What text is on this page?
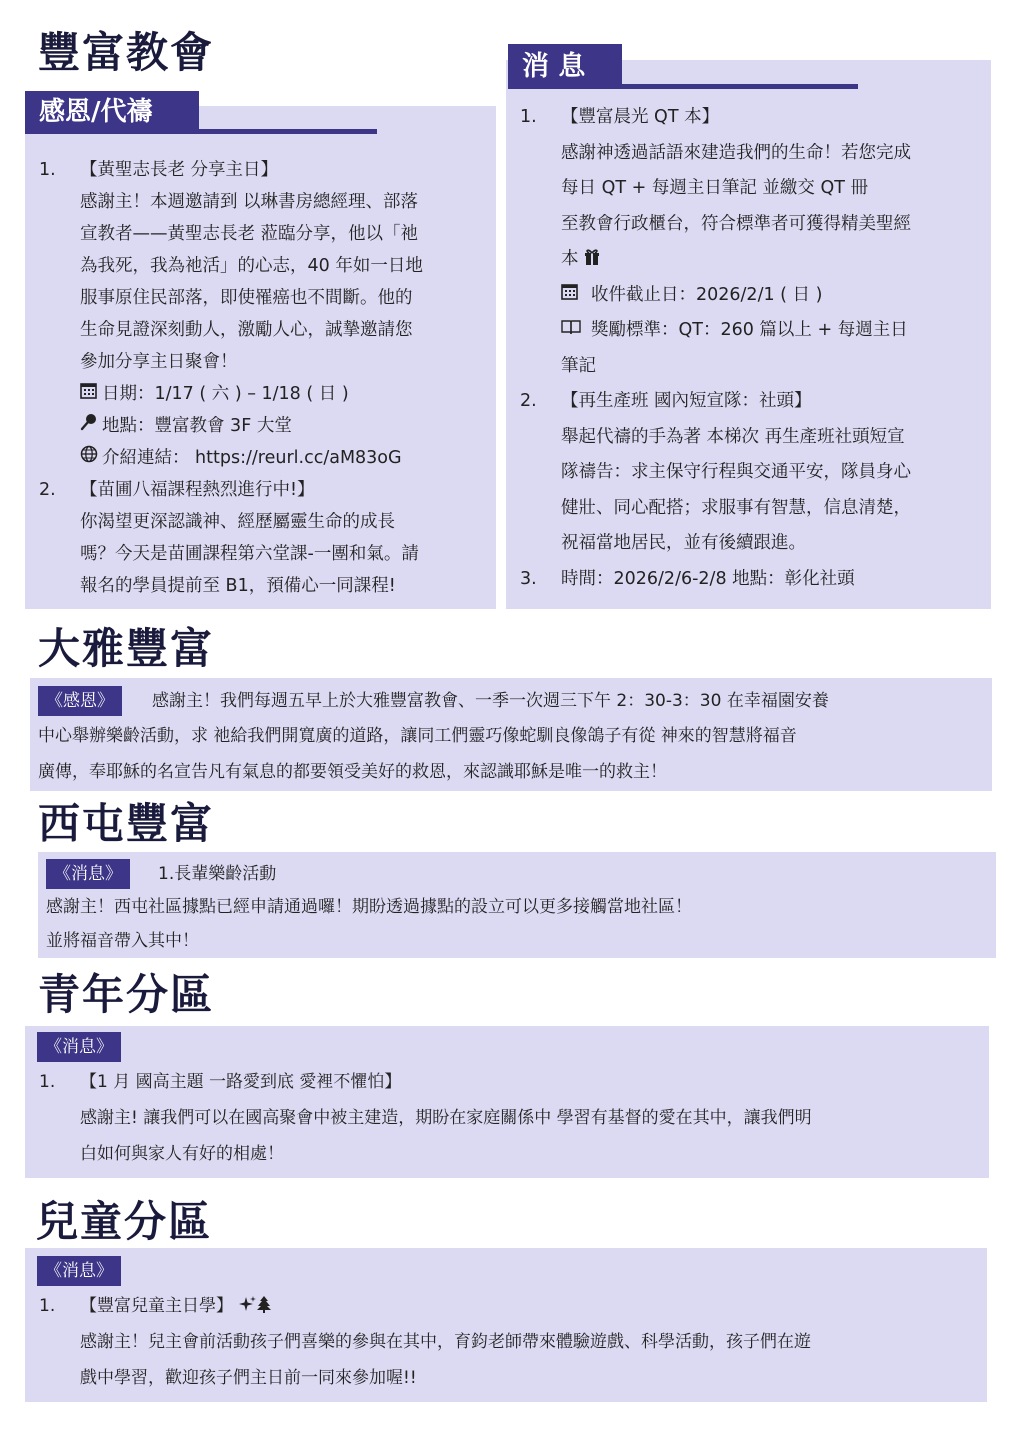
豐富教會
感恩/代禱
1. 【黃聖志長老 分享主日】
感謝主！本週邀請到 以琳書房總經理、部落
宣教者——黃聖志長老 蒞臨分享，他以「祂
為我死，我為祂活」的心志，40 年如一日地
服事原住民部落，即使罹癌也不間斷。他的
生命見證深刻動人，激勵人心，誠摯邀請您
參加分享主日聚會！
日期：1/17 ( 六 ) – 1/18 ( 日 )
地點：豐富教會 3F 大堂
介紹連結： https://reurl.cc/aM83oG
2. 【苗圃八福課程熱烈進行中!】
你渴望更深認識神、經歷屬靈生命的成長
嗎？今天是苗圃課程第六堂課-一團和氣。請
報名的學員提前至 B1，預備心一同課程!
消 息
1. 【豐富晨光 QT 本】
感謝神透過話語來建造我們的生命！若您完成
每日 QT + 每週主日筆記 並繳交 QT 冊
至教會行政櫃台，符合標準者可獲得精美聖經
本
收件截止日：2026/2/1 ( 日 )
獎勵標準：QT：260 篇以上 + 每週主日
筆記
2. 【再生產班 國內短宣隊：社頭】
舉起代禱的手為著 本梯次 再生產班社頭短宣
隊禱告：求主保守行程與交通平安，隊員身心
健壯、同心配搭；求服事有智慧，信息清楚，
祝福當地居民，並有後續跟進。
3. 時間：2026/2/6-2/8 地點：彰化社頭
大雅豐富
《感恩》 感謝主！我們每週五早上於大雅豐富教會、一季一次週三下午 2：30-3：30 在幸福園安養
中心舉辦樂齡活動，求 祂給我們開寬廣的道路，讓同工們靈巧像蛇馴良像鴿子有從 神來的智慧將福音
廣傳，奉耶穌的名宣告凡有氣息的都要領受美好的救恩，來認識耶穌是唯一的救主！
西屯豐富
《消息》 1.長輩樂齡活動
感謝主！西屯社區據點已經申請通過囉！期盼透過據點的設立可以更多接觸當地社區！
並將福音帶入其中！
青年分區
《消息》
1. 【1 月 國高主題 一路愛到底 愛裡不懼怕】
感謝主! 讓我們可以在國高聚會中被主建造，期盼在家庭關係中 學習有基督的愛在其中，讓我們明
白如何與家人有好的相處！
兒童分區
《消息》
1. 【豐富兒童主日學】
感謝主！兒主會前活動孩子們喜樂的參與在其中，育鈞老師帶來體驗遊戲、科學活動，孩子們在遊
戲中學習，歡迎孩子們主日前一同來參加喔!!
